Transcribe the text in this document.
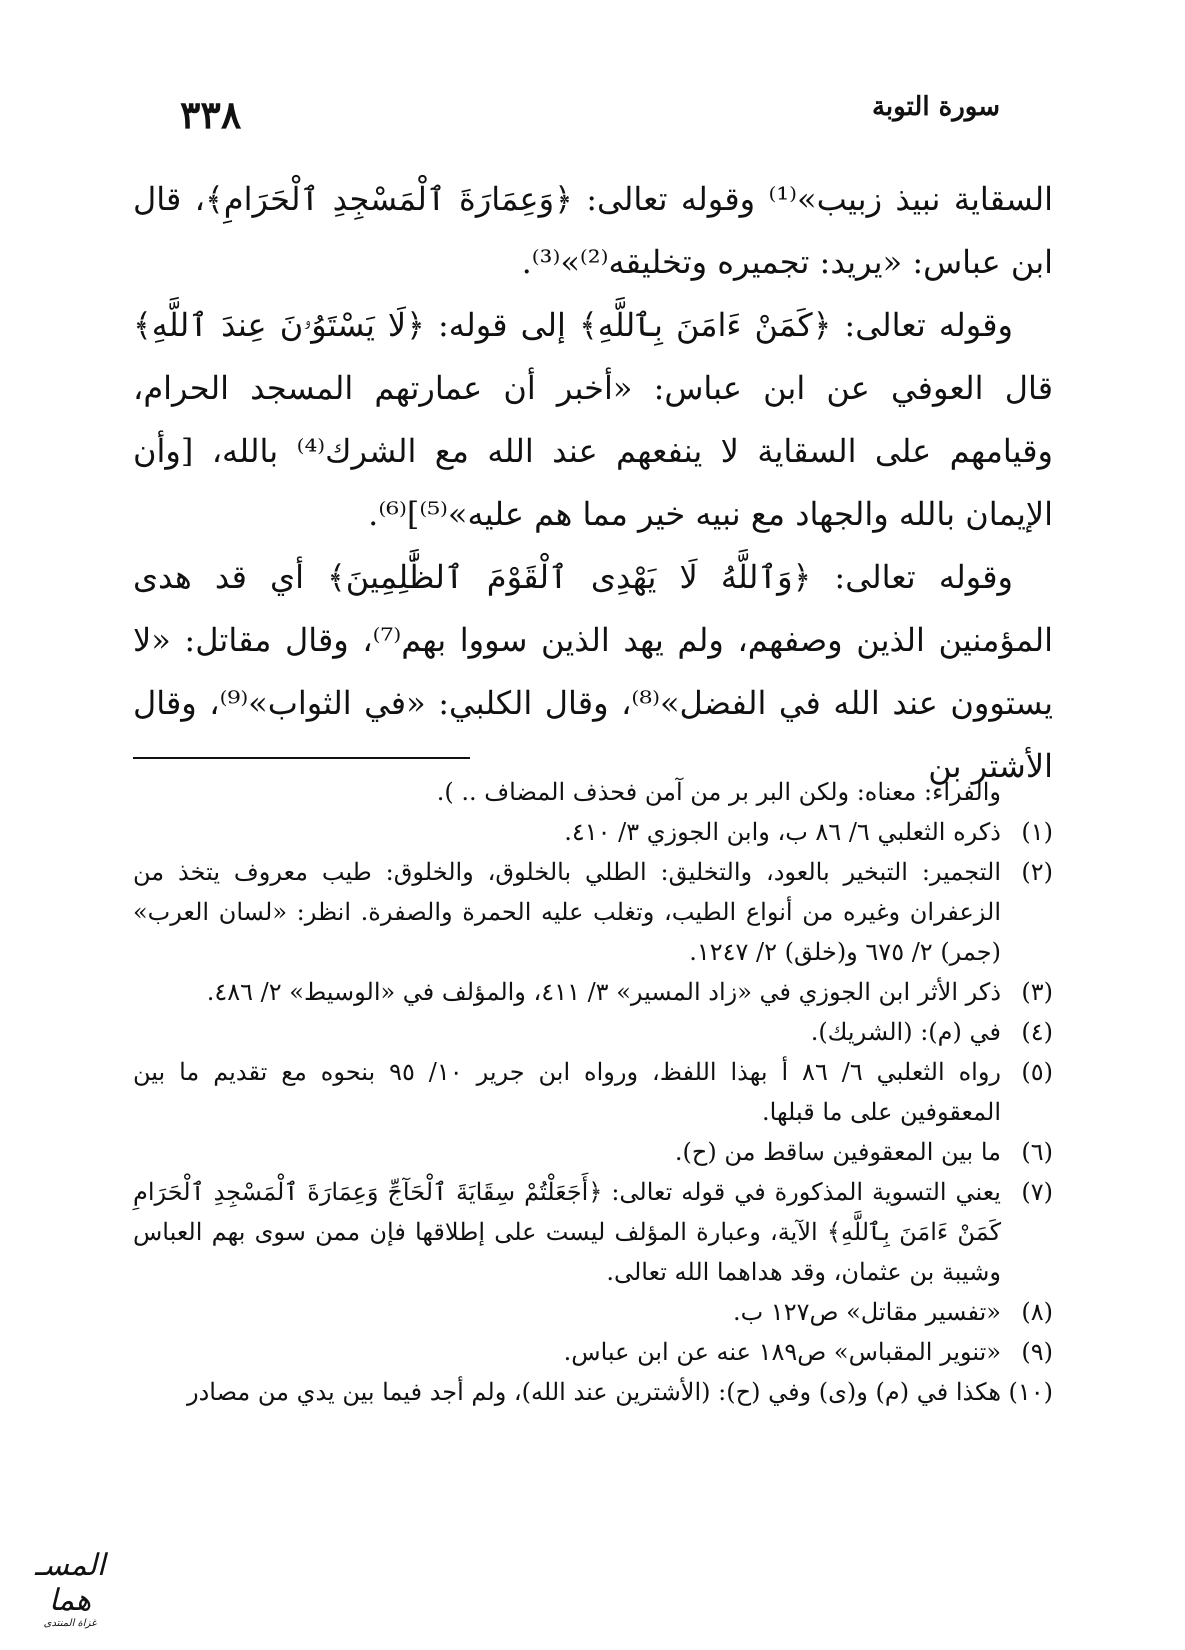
٣٣٨	سورة التوبة

السقاية نبيذ زبيب»⁽¹⁾ وقوله تعالى: ﴿وَعِمَارَةَ ٱلْمَسْجِدِ ٱلْحَرَامِ﴾، قال ابن عباس: «يريد: تجميره وتخليقه⁽²⁾»⁽³⁾.

وقوله تعالى: ﴿كَمَنْ ءَامَنَ بِٱللَّهِ﴾ إلى قوله: ﴿لَا يَسْتَوُۥنَ عِندَ ٱللَّهِ﴾ قال العوفي عن ابن عباس: «أخبر أن عمارتهم المسجد الحرام، وقيامهم على السقاية لا ينفعهم عند الله مع الشرك⁽⁴⁾ بالله، [وأن الإيمان بالله والجهاد مع نبيه خير مما هم عليه»⁽⁵⁾]⁽⁶⁾.

وقوله تعالى: ﴿وَٱللَّهُ لَا يَهْدِى ٱلْقَوْمَ ٱلظَّٰلِمِينَ﴾ أي قد هدى المؤمنين الذين وصفهم، ولم يهد الذين سووا بهم⁽⁷⁾، وقال مقاتل: «لا يستوون عند الله في الفضل»⁽⁸⁾، وقال الكلبي: «في الثواب»⁽⁹⁾، وقال الأشتر بن

والفراء: معناه: ولكن البر بر من آمن فحذف المضاف .. ).
(١)
ذكره الثعلبي ٦/ ٨٦ ب، وابن الجوزي ٣/ ٤١٠.
(٢)
التجمير: التبخير بالعود، والتخليق: الطلي بالخلوق، والخلوق: طيب معروف يتخذ من الزعفران وغيره من أنواع الطيب، وتغلب عليه الحمرة والصفرة. انظر: «لسان العرب» (جمر) ٢/ ٦٧٥ و(خلق) ٢/ ١٢٤٧.
(٣)
ذكر الأثر ابن الجوزي في «زاد المسير» ٣/ ٤١١، والمؤلف في «الوسيط» ٢/ ٤٨٦.
(٤)
في (م): (الشريك).
(٥)
رواه الثعلبي ٦/ ٨٦ أ بهذا اللفظ، ورواه ابن جرير ١٠/ ٩٥ بنحوه مع تقديم ما بين المعقوفين على ما قبلها.
(٦)
ما بين المعقوفين ساقط من (ح).
(٧)
يعني التسوية المذكورة في قوله تعالى: ﴿أَجَعَلْتُمْ سِقَايَةَ ٱلْحَآجِّ وَعِمَارَةَ ٱلْمَسْجِدِ ٱلْحَرَامِ كَمَنْ ءَامَنَ بِٱللَّهِ﴾ الآية، وعبارة المؤلف ليست على إطلاقها فإن ممن سوى بهم العباس وشيبة بن عثمان، وقد هداهما الله تعالى.
(٨)
«تفسير مقاتل» ص١٢٧ ب.
(٩)
«تنوير المقباس» ص١٨٩ عنه عن ابن عباس.
(١٠)
هكذا في (م) و(ى) وفي (ح): (الأشترين عند الله)، ولم أجد فيما بين يدي من مصادر
المسـ هما
غزاة المنتدى
